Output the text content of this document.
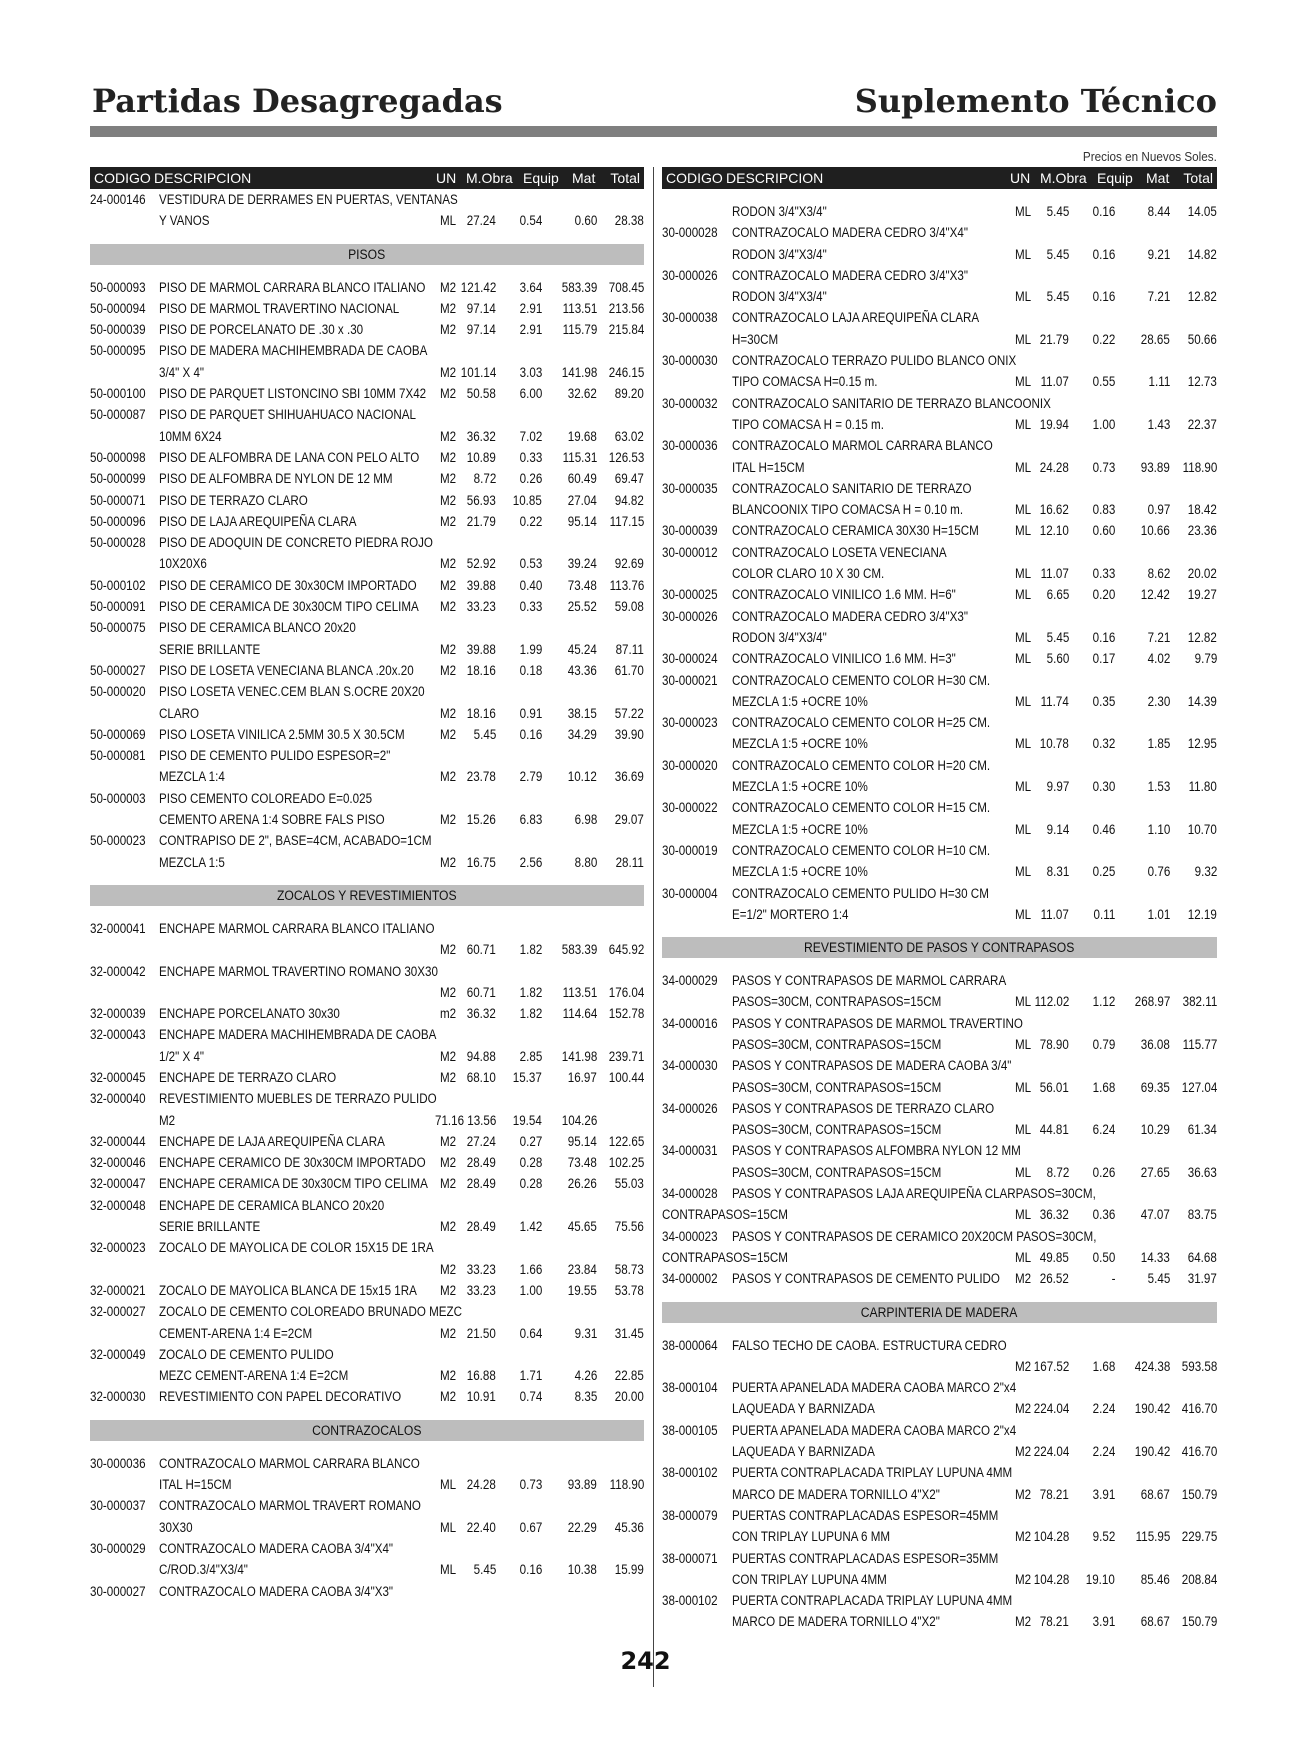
Partidas Desagregadas	Suplemento Técnico
Precios en Nuevos Soles.
CODIGO DESCRIPCION	UN M.Obra Equip Mat Total
24-000146 VESTIDURA DE DERRAMES EN PUERTAS, VENTANAS
Y VANOS	ML 27.24 0.54 0.60	28.38
PISOS
50-000093 PISO DE MARMOL CARRARA BLANCO ITALIANO	M2 121.42 3.64	583.39 708.45
50-000094 PISO DE MARMOL TRAVERTINO NACIONAL	M2 97.14 2.91	113.51 213.56
50-000039 PISO DE PORCELANATO DE .30 x .30	M2 97.14 2.91	115.79 215.84
50-000095 PISO DE MADERA MACHIHEMBRADA DE CAOBA
3/4" X 4"	M2 101.14 3.03	141.98 246.15
50-000100 PISO DE PARQUET LISTONCINO SBI 10MM 7X42	M2 50.58 6.00	32.62	89.20
50-000087 PISO DE PARQUET SHIHUAHUACO NACIONAL
10MM 6X24	M2 36.32 7.02	19.68	63.02
50-000098 PISO DE ALFOMBRA DE LANA CON PELO ALTO	M2 10.89 0.33	115.31 126.53
50-000099 PISO DE ALFOMBRA DE NYLON DE 12 MM	M2 8.72 0.26	60.49	69.47
50-000071 PISO DE TERRAZO CLARO	M2 56.93	10.85	27.04	94.82
50-000096 PISO DE LAJA AREQUIPEÑA CLARA	M2 21.79 0.22	95.14 117.15
50-000028 PISO DE ADOQUIN DE CONCRETO PIEDRA ROJO
10X20X6	M2 52.92 0.53	39.24	92.69
50-000102 PISO DE CERAMICO DE 30x30CM IMPORTADO	M2 39.88 0.40	73.48 113.76
50-000091 PISO DE CERAMICA DE 30x30CM TIPO CELIMA	M2 33.23 0.33	25.52	59.08
50-000075 PISO DE CERAMICA BLANCO 20x20
SERIE BRILLANTE	M2 39.88 1.99	45.24	87.11
50-000027 PISO DE LOSETA VENECIANA BLANCA .20x.20	M2 18.16 0.18	43.36	61.70
50-000020 PISO LOSETA VENEC.CEM BLAN S.OCRE 20X20
CLARO	M2 18.16 0.91	38.15	57.22
50-000069 PISO LOSETA VINILICA 2.5MM 30.5 X 30.5CM	M2 5.45 0.16	34.29	39.90
50-000081 PISO DE CEMENTO PULIDO ESPESOR=2"
MEZCLA 1:4	M2 23.78 2.79	10.12	36.69
50-000003 PISO CEMENTO COLOREADO E=0.025
CEMENTO ARENA 1:4 SOBRE FALS PISO	M2 15.26 6.83 6.98	29.07
50-000023 CONTRAPISO DE 2", BASE=4CM, ACABADO=1CM
MEZCLA 1:5	M2 16.75 2.56 8.80	28.11
ZOCALOS Y REVESTIMIENTOS
32-000041 ENCHAPE MARMOL CARRARA BLANCO ITALIANO
M2 60.71 1.82	583.39 645.92
32-000042 ENCHAPE MARMOL TRAVERTINO ROMANO 30X30
M2 60.71 1.82	113.51 176.04
32-000039 ENCHAPE PORCELANATO 30x30	m2 36.32 1.82	114.64 152.78
32-000043 ENCHAPE MADERA MACHIHEMBRADA DE CAOBA
1/2" X 4"	M2 94.88 2.85	141.98 239.71
32-000045 ENCHAPE DE TERRAZO CLARO	M2 68.10	15.37	16.97 100.44
32-000040 REVESTIMIENTO MUEBLES DE TERRAZO PULIDO
M2	71.16 13.56	19.54	104.26
32-000044 ENCHAPE DE LAJA AREQUIPEÑA CLARA	M2 27.24 0.27	95.14 122.65
32-000046 ENCHAPE CERAMICO DE 30x30CM IMPORTADO	M2 28.49 0.28	73.48 102.25
32-000047 ENCHAPE CERAMICA DE 30x30CM TIPO CELIMA M2 28.49 0.28	26.26	55.03
32-000048 ENCHAPE DE CERAMICA BLANCO 20x20
SERIE BRILLANTE	M2 28.49 1.42	45.65	75.56
32-000023 ZOCALO DE MAYOLICA DE COLOR 15X15 DE 1RA
M2 33.23 1.66	23.84	58.73
32-000021 ZOCALO DE MAYOLICA BLANCA DE 15x15 1RA	M2 33.23 1.00	19.55	53.78
32-000027 ZOCALO DE CEMENTO COLOREADO BRUNADO MEZC
CEMENT-ARENA 1:4 E=2CM	M2 21.50 0.64 9.31	31.45
32-000049 ZOCALO DE CEMENTO PULIDO
MEZC CEMENT-ARENA 1:4 E=2CM	M2 16.88 1.71 4.26	22.85
32-000030 REVESTIMIENTO CON PAPEL DECORATIVO	M2 10.91 0.74 8.35	20.00
CONTRAZOCALOS
30-000036 CONTRAZOCALO MARMOL CARRARA BLANCO
ITAL H=15CM	ML 24.28 0.73	93.89 118.90
30-000037 CONTRAZOCALO MARMOL TRAVERT ROMANO
30X30	ML 22.40 0.67	22.29	45.36
30-000029 CONTRAZOCALO MADERA CAOBA 3/4"X4"
C/ROD.3/4"X3/4"	ML 5.45 0.16	10.38	15.99
30-000027 CONTRAZOCALO MADERA CAOBA 3/4"X3"
CODIGO DESCRIPCION	UN M.Obra Equip Mat Total
RODON 3/4"X3/4"	ML 5.45 0.16 8.44	14.05
30-000028	CONTRAZOCALO MADERA CEDRO 3/4"X4"
RODON 3/4"X3/4"	ML 5.45 0.16 9.21	14.82
30-000026	CONTRAZOCALO MADERA CEDRO 3/4"X3"
RODON 3/4"X3/4"	ML 5.45 0.16 7.21	12.82
30-000038	CONTRAZOCALO LAJA AREQUIPEÑA CLARA
H=30CM	ML 21.79 0.22	28.65	50.66
30-000030	CONTRAZOCALO TERRAZO PULIDO BLANCO ONIX
TIPO COMACSA H=0.15 m.	ML 11.07 0.55 1.11	12.73
30-000032	CONTRAZOCALO SANITARIO DE TERRAZO BLANCOONIX
TIPO COMACSA H = 0.15 m.	ML 19.94 1.00 1.43	22.37
30-000036	CONTRAZOCALO MARMOL CARRARA BLANCO
ITAL H=15CM	ML 24.28 0.73	93.89 118.90
30-000035	CONTRAZOCALO SANITARIO DE TERRAZO
BLANCOONIX TIPO COMACSA H = 0.10 m.	ML 16.62 0.83 0.97	18.42
30-000039	CONTRAZOCALO CERAMICA 30X30 H=15CM	ML 12.10 0.60	10.66	23.36
30-000012	CONTRAZOCALO LOSETA VENECIANA
COLOR CLARO 10 X 30 CM.	ML 11.07 0.33 8.62	20.02
30-000025	CONTRAZOCALO VINILICO 1.6 MM. H=6"	ML 6.65 0.20	12.42	19.27
30-000026	CONTRAZOCALO MADERA CEDRO 3/4"X3"
RODON 3/4"X3/4"	ML 5.45 0.16 7.21	12.82
30-000024	CONTRAZOCALO VINILICO 1.6 MM. H=3"	ML 5.60 0.17 4.02 9.79
30-000021	CONTRAZOCALO CEMENTO COLOR H=30 CM.
MEZCLA 1:5 +OCRE 10%	ML 11.74 0.35 2.30	14.39
30-000023	CONTRAZOCALO CEMENTO COLOR H=25 CM.
MEZCLA 1:5 +OCRE 10%	ML 10.78 0.32 1.85	12.95
30-000020	CONTRAZOCALO CEMENTO COLOR H=20 CM.
MEZCLA 1:5 +OCRE 10%	ML 9.97 0.30 1.53	11.80
30-000022	CONTRAZOCALO CEMENTO COLOR H=15 CM.
MEZCLA 1:5 +OCRE 10%	ML 9.14 0.46 1.10	10.70
30-000019	CONTRAZOCALO CEMENTO COLOR H=10 CM.
MEZCLA 1:5 +OCRE 10%	ML 8.31 0.25 0.76 9.32
30-000004	CONTRAZOCALO CEMENTO PULIDO H=30 CM
E=1/2" MORTERO 1:4	ML 11.07 0.11 1.01	12.19
REVESTIMIENTO DE PASOS Y CONTRAPASOS
34-000029	PASOS Y CONTRAPASOS DE MARMOL CARRARA
PASOS=30CM, CONTRAPASOS=15CM	ML 112.02 1.12	268.97 382.11
34-000016	PASOS Y CONTRAPASOS DE MARMOL TRAVERTINO
PASOS=30CM, CONTRAPASOS=15CM	ML 78.90 0.79	36.08 115.77
34-000030	PASOS Y CONTRAPASOS DE MADERA CAOBA 3/4"
PASOS=30CM, CONTRAPASOS=15CM	ML 56.01 1.68	69.35 127.04
34-000026	PASOS Y CONTRAPASOS DE TERRAZO CLARO
PASOS=30CM, CONTRAPASOS=15CM	ML 44.81 6.24	10.29	61.34
34-000031	PASOS Y CONTRAPASOS ALFOMBRA NYLON 12 MM
PASOS=30CM, CONTRAPASOS=15CM	ML 8.72 0.26	27.65	36.63
34-000028	PASOS Y CONTRAPASOS LAJA AREQUIPEÑA CLARPASOS=30CM,
CONTRAPASOS=15CM	ML 36.32 0.36	47.07	83.75
34-000023	PASOS Y CONTRAPASOS DE CERAMICO 20X20CM PASOS=30CM,
CONTRAPASOS=15CM	ML 49.85 0.50	14.33	64.68
34-000002	PASOS Y CONTRAPASOS DE CEMENTO PULIDO	M2 26.52	- 5.45	31.97
CARPINTERIA DE MADERA
38-000064	FALSO TECHO DE CAOBA. ESTRUCTURA CEDRO
M2 167.52 1.68	424.38 593.58
38-000104	PUERTA APANELADA MADERA CAOBA MARCO 2"x4
LAQUEADA Y BARNIZADA	M2 224.04 2.24	190.42 416.70
38-000105	PUERTA APANELADA MADERA CAOBA MARCO 2"x4
LAQUEADA Y BARNIZADA	M2 224.04 2.24	190.42 416.70
38-000102	PUERTA CONTRAPLACADA TRIPLAY LUPUNA 4MM
MARCO DE MADERA TORNILLO 4"X2"	M2 78.21 3.91	68.67 150.79
38-000079	PUERTAS CONTRAPLACADAS ESPESOR=45MM
CON TRIPLAY LUPUNA 6 MM	M2 104.28 9.52	115.95 229.75
38-000071	PUERTAS CONTRAPLACADAS ESPESOR=35MM
CON TRIPLAY LUPUNA 4MM	M2 104.28	19.10	85.46 208.84
38-000102	PUERTA CONTRAPLACADA TRIPLAY LUPUNA 4MM
MARCO DE MADERA TORNILLO 4"X2"	M2 78.21 3.91	68.67 150.79
242
